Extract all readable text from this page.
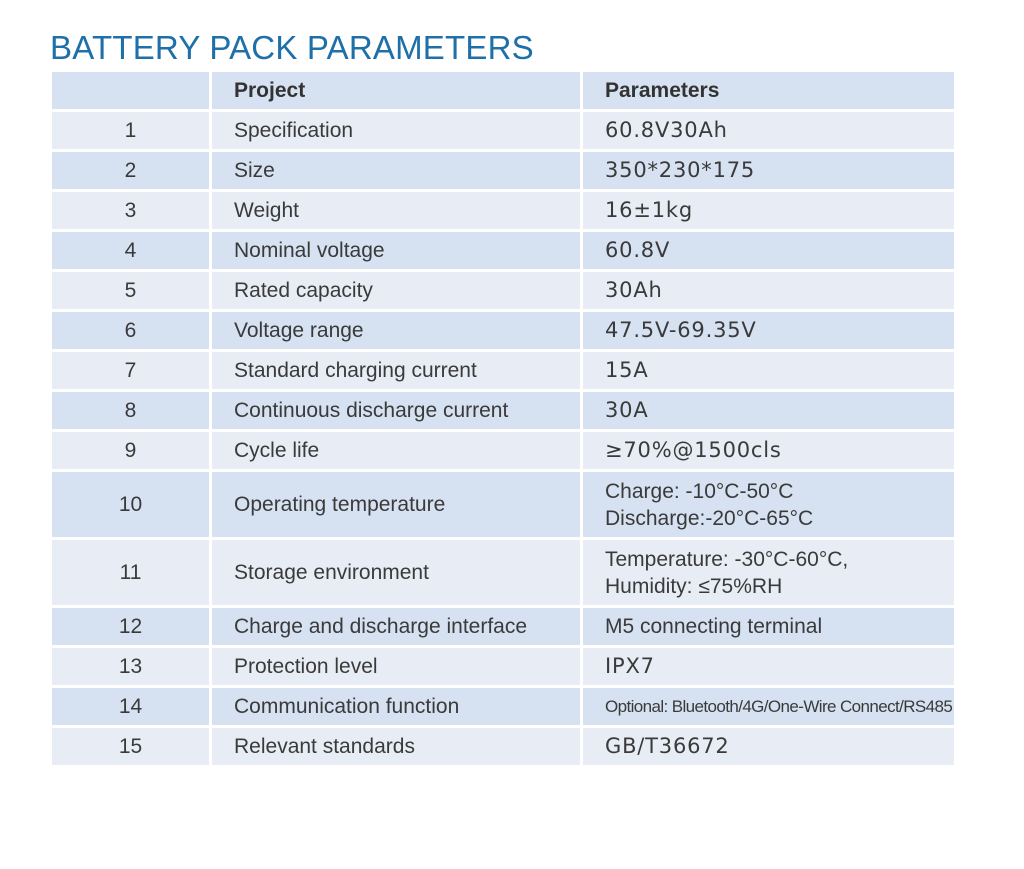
BATTERY PACK PARAMETERS
	Project	Parameters
1	Specification	60.8V30Ah

2	Size	350*230*175

3	Weight	16±1kg

4	Nominal voltage	60.8V

5	Rated capacity	30Ah

6	Voltage range	47.5V-69.35V

7	Standard charging current	15A

8	Continuous discharge current	30A

9	Cycle life	≥70%@1500cls

10	Operating temperature	Charge: -10°C-50°C
Discharge:-20°C-65°C

11	Storage environment	Temperature: -30°C-60°C,
Humidity: ≤75%RH

12	Charge and discharge interface	M5 connecting terminal

13	Protection level	IPX7

14	Communication function	Optional: Bluetooth/4G/One-Wire Connect/RS485

15	Relevant standards	GB/T36672
